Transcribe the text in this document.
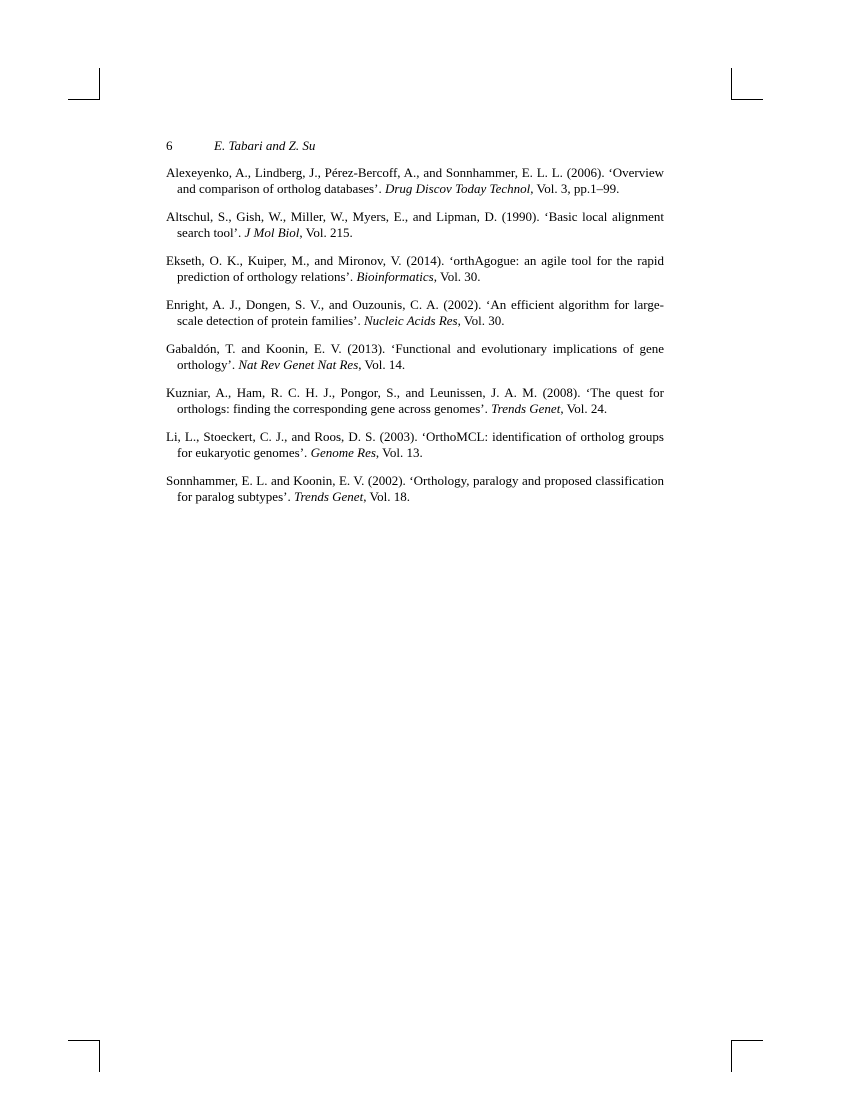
6	E. Tabari and Z. Su
Alexeyenko, A., Lindberg, J., Pérez-Bercoff, A., and Sonnhammer, E. L. L. (2006). ‘Overview and comparison of ortholog databases’. Drug Discov Today Technol, Vol. 3, pp.1–99.
Altschul, S., Gish, W., Miller, W., Myers, E., and Lipman, D. (1990). ‘Basic local alignment search tool’. J Mol Biol, Vol. 215.
Ekseth, O. K., Kuiper, M., and Mironov, V. (2014). ‘orthAgogue: an agile tool for the rapid prediction of orthology relations’. Bioinformatics, Vol. 30.
Enright, A. J., Dongen, S. V., and Ouzounis, C. A. (2002). ‘An efficient algorithm for large-scale detection of protein families’. Nucleic Acids Res, Vol. 30.
Gabaldón, T. and Koonin, E. V. (2013). ‘Functional and evolutionary implications of gene orthology’. Nat Rev Genet Nat Res, Vol. 14.
Kuzniar, A., Ham, R. C. H. J., Pongor, S., and Leunissen, J. A. M. (2008). ‘The quest for orthologs: finding the corresponding gene across genomes’. Trends Genet, Vol. 24.
Li, L., Stoeckert, C. J., and Roos, D. S. (2003). ‘OrthoMCL: identification of ortholog groups for eukaryotic genomes’. Genome Res, Vol. 13.
Sonnhammer, E. L. and Koonin, E. V. (2002). ‘Orthology, paralogy and proposed classification for paralog subtypes’. Trends Genet, Vol. 18.
